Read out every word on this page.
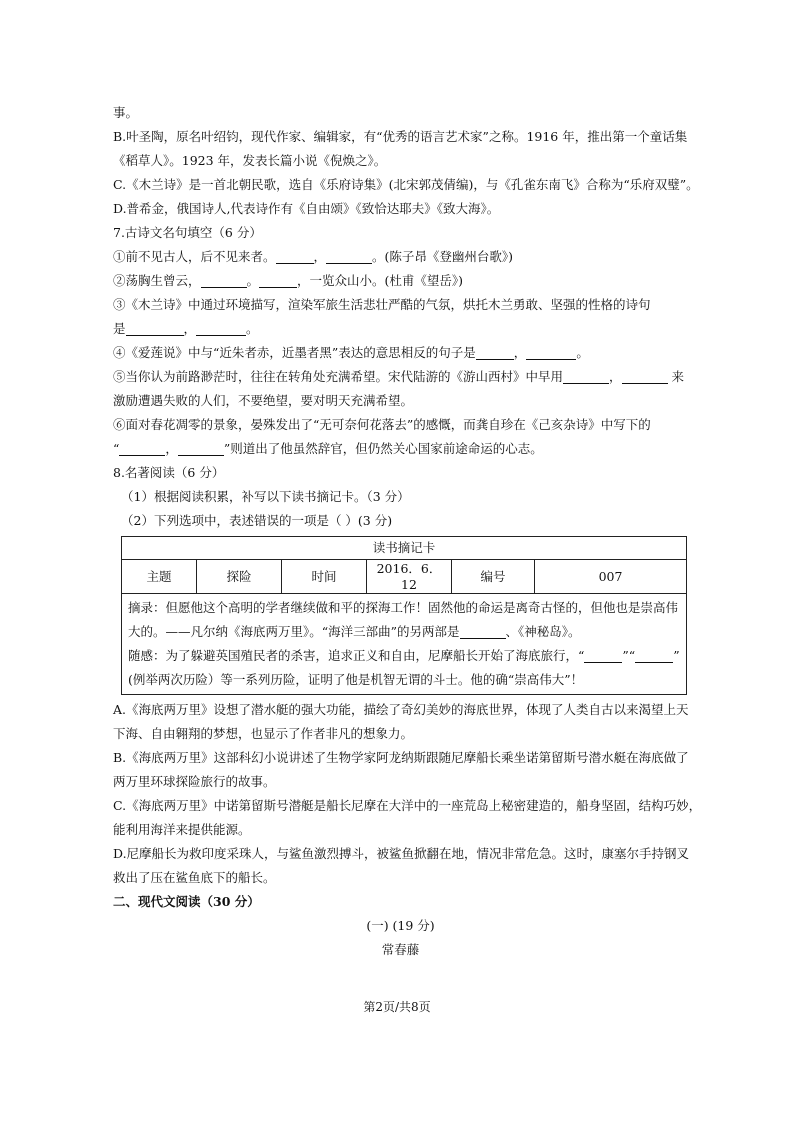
事。

B.叶圣陶，原名叶绍钧，现代作家、编辑家，有“优秀的语言艺术家”之称。1916 年，推出第一个童话集

《稻草人》。1923 年，发表长篇小说《倪焕之》。

C.《木兰诗》是一首北朝民歌，选自《乐府诗集》(北宋郭茂倩编)，与《孔雀东南飞》合称为“乐府双璧”。

D.普希金，俄国诗人,代表诗作有《自由颂》《致恰达耶夫》《致大海》。

7.古诗文名句填空（6 分）

①前不见古人，后不见来者。	，	。(陈子昂《登幽州台歌》)

②荡胸生曾云，	。	，一览众山小。(杜甫《望岳》)

③《木兰诗》中通过环境描写，渲染军旅生活悲壮严酷的气氛，烘托木兰勇敢、坚强的性格的诗句

是	，	。

④《爱莲说》中与“近朱者赤，近墨者黑”表达的意思相反的句子是	，	。

⑤当你认为前路渺茫时，往往在转角处充满希望。宋代陆游的《游山西村》中早用	，	来

激励遭遇失败的人们，不要绝望，要对明天充满希望。

⑥面对春花凋零的景象，晏殊发出了“无可奈何花落去”的感慨，而龚自珍在《己亥杂诗》中写下的

“	，	”则道出了他虽然辞官，但仍然关心国家前途命运的心志。

8.名著阅读（6 分）

（1）根据阅读积累，补写以下读书摘记卡。（3 分）

（2）下列选项中，表述错误的一项是（ ）(3 分)

读书摘记卡
主题	探险	时间	2016．6．12	编号	007

摘录：但愿他这个高明的学者继续做和平的探海工作！固然他的命运是离奇古怪的，但他也是崇高伟
大的。——凡尔纳《海底两万里》。“海洋三部曲”的另两部是	、《神秘岛》。
随感：为了躲避英国殖民者的杀害，追求正义和自由，尼摩船长开始了海底旅行，“	”“	”
(例举两次历险）等一系列历险，证明了他是机智无谓的斗士。他的确“崇高伟大”！

A.《海底两万里》设想了潜水艇的强大功能，描绘了奇幻美妙的海底世界，体现了人类自古以来渴望上天

下海、自由翱翔的梦想，也显示了作者非凡的想象力。

B.《海底两万里》这部科幻小说讲述了生物学家阿龙纳斯跟随尼摩船长乘坐诺第留斯号潜水艇在海底做了

两万里环球探险旅行的故事。

C.《海底两万里》中诺第留斯号潜艇是船长尼摩在大洋中的一座荒岛上秘密建造的，船身坚固，结构巧妙，

能利用海洋来提供能源。

D.尼摩船长为救印度采珠人，与鲨鱼激烈搏斗，被鲨鱼掀翻在地，情况非常危急。这时，康塞尔手持钢叉

救出了压在鲨鱼底下的船长。

二、现代文阅读（30 分）

(一) (19 分)

常春藤

第2页/共8页
